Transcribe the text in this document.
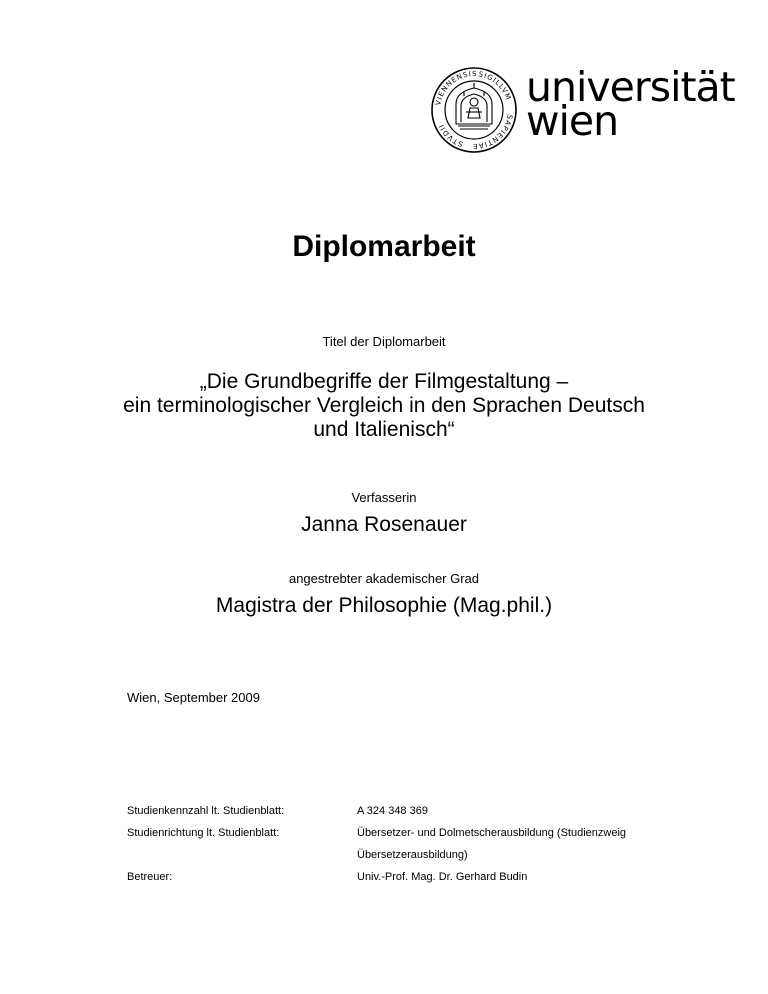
VIENNENSIS SIGILLVM
SAPIENTIAE
STVDII
universität
wien
Diplomarbeit
Titel der Diplomarbeit
„Die Grundbegriffe der Filmgestaltung –
ein terminologischer Vergleich in den Sprachen Deutsch
und Italienisch“
Verfasserin
Janna Rosenauer
angestrebter akademischer Grad
Magistra der Philosophie (Mag.phil.)
Wien, September 2009
Studienkennzahl lt. Studienblatt:	A 324 348 369
Studienrichtung lt. Studienblatt:	Übersetzer- und Dolmetscherausbildung (Studienzweig Übersetzerausbildung)
Betreuer:	Univ.-Prof. Mag. Dr. Gerhard Budin
